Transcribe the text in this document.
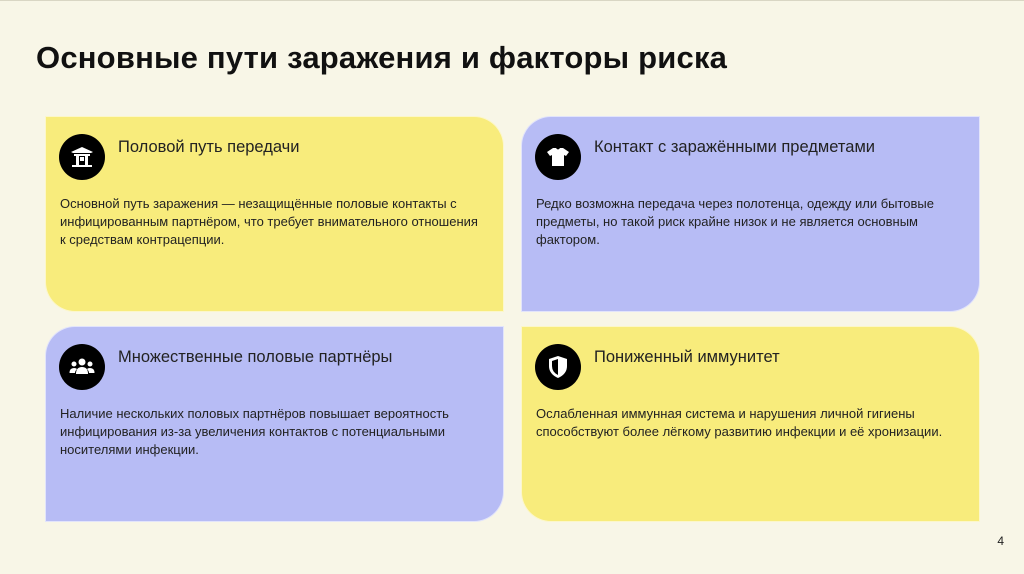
Основные пути заражения и факторы риска
Половой путь передачи
Основной путь заражения — незащищённые половые контакты с инфицированным партнёром, что требует внимательного отношения к средствам контрацепции.
Контакт с заражёнными предметами
Редко возможна передача через полотенца, одежду или бытовые предметы, но такой риск крайне низок и не является основным фактором.
Множественные половые партнёры
Наличие нескольких половых партнёров повышает вероятность инфицирования из-за увеличения контактов с потенциальными носителями инфекции.
Пониженный иммунитет
Ослабленная иммунная система и нарушения личной гигиены способствуют более лёгкому развитию инфекции и её хронизации.
4
